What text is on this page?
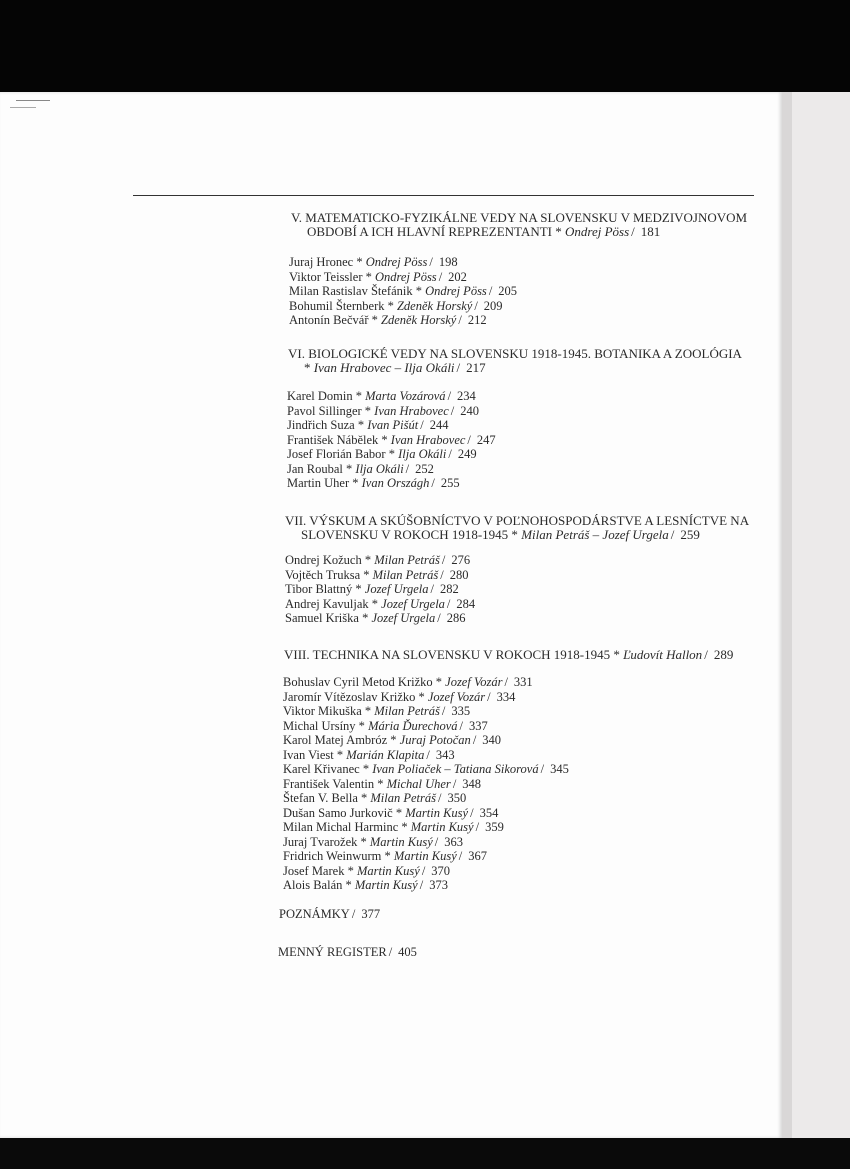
V. MATEMATICKO-FYZIKÁLNE VEDY NA SLOVENSKU V MEDZIVOJNOVOM
OBDOBÍ A ICH HLAVNÍ REPREZENTANTI * Ondrej Pöss / 181
Juraj Hronec * Ondrej Pöss / 198
Viktor Teissler * Ondrej Pöss / 202
Milan Rastislav Štefánik * Ondrej Pöss / 205
Bohumil Šternberk * Zdeněk Horský / 209
Antonín Bečvář * Zdeněk Horský / 212
VI. BIOLOGICKÉ VEDY NA SLOVENSKU 1918-1945. BOTANIKA A ZOOLÓGIA
* Ivan Hrabovec – Ilja Okáli / 217
Karel Domin * Marta Vozárová / 234
Pavol Sillinger * Ivan Hrabovec / 240
Jindřich Suza * Ivan Pišút / 244
František Nábělek * Ivan Hrabovec / 247
Josef Florián Babor * Ilja Okáli / 249
Jan Roubal * Ilja Okáli / 252
Martin Uher * Ivan Országh / 255
VII. VÝSKUM A SKÚŠOBNÍCTVO V POĽNOHOSPODÁRSTVE A LESNÍCTVE NA
SLOVENSKU V ROKOCH 1918-1945 * Milan Petráš – Jozef Urgela / 259
Ondrej Kožuch * Milan Petráš / 276
Vojtěch Truksa * Milan Petráš / 280
Tibor Blattný * Jozef Urgela / 282
Andrej Kavuljak * Jozef Urgela / 284
Samuel Kriška * Jozef Urgela / 286
VIII. TECHNIKA NA SLOVENSKU V ROKOCH 1918-1945 * Ľudovít Hallon / 289
Bohuslav Cyril Metod Križko * Jozef Vozár / 331
Jaromír Vítězoslav Križko * Jozef Vozár / 334
Viktor Mikuška * Milan Petráš / 335
Michal Ursíny * Mária Ďurechová / 337
Karol Matej Ambróz * Juraj Potočan / 340
Ivan Viest * Marián Klapita / 343
Karel Křivanec * Ivan Poliaček – Tatiana Sikorová / 345
František Valentin * Michal Uher / 348
Štefan V. Bella * Milan Petráš / 350
Dušan Samo Jurkovič * Martin Kusý / 354
Milan Michal Harminc * Martin Kusý / 359
Juraj Tvarožek * Martin Kusý / 363
Fridrich Weinwurm * Martin Kusý / 367
Josef Marek * Martin Kusý / 370
Alois Balán * Martin Kusý / 373
POZNÁMKY / 377
MENNÝ REGISTER / 405
